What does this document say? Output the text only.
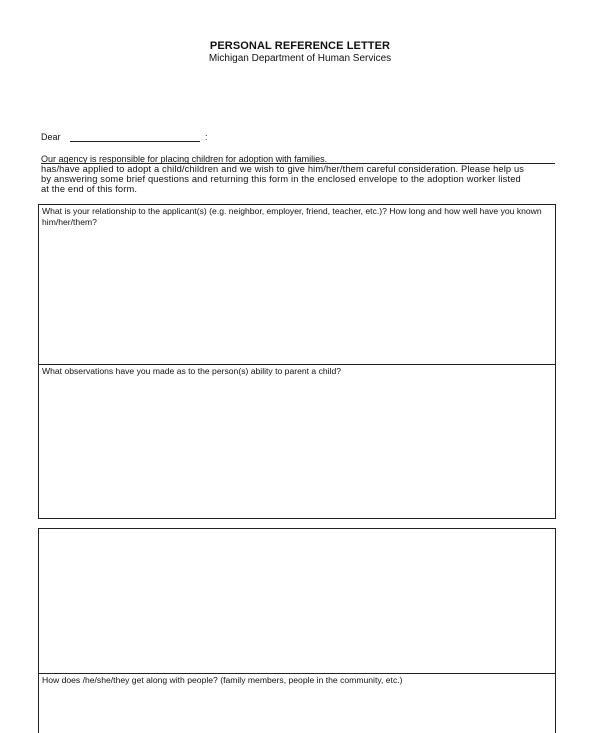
PERSONAL REFERENCE LETTER
Michigan Department of Human Services
Dear	:
Our agency is responsible for placing children for adoption with families.
has/have applied to adopt a child/children and we wish to give him/her/them careful consideration. Please help us
by answering some brief questions and returning this form in the enclosed envelope to the adoption worker listed
at the end of this form.
What is your relationship to the applicant(s) (e.g. neighbor, employer, friend, teacher, etc.)? How long and how well have you known him/her/them?
What observations have you made as to the person(s) ability to parent a child?
How does /he/she/they get along with people? (family members, people in the community, etc.)
